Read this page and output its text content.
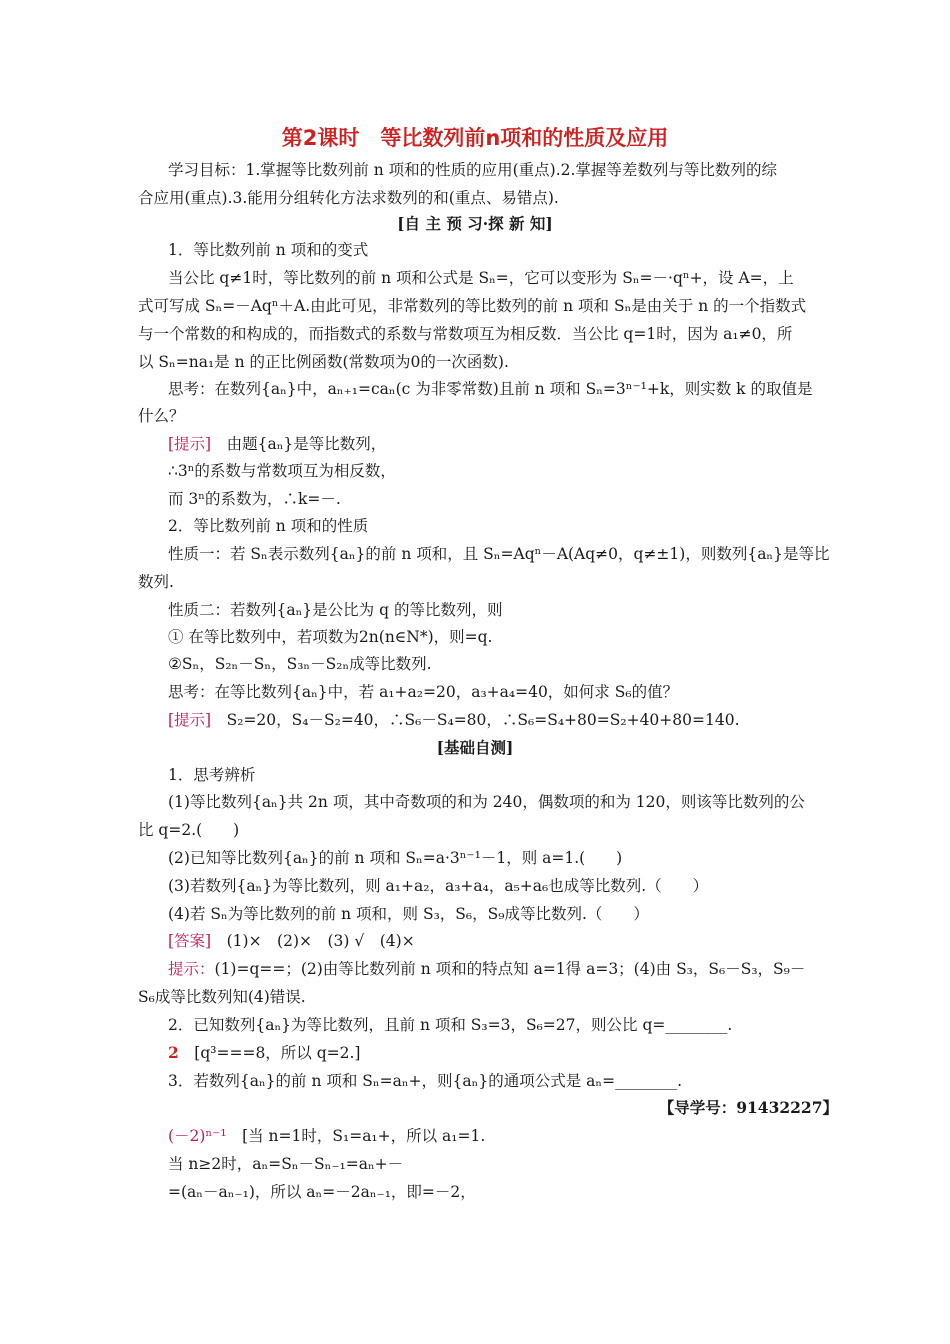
第2课时　等比数列前n项和的性质及应用
学习目标：1.掌握等比数列前 n 项和的性质的应用(重点).2.掌握等差数列与等比数列的综
合应用(重点).3.能用分组转化方法求数列的和(重点、易错点).
[自 主 预 习·探 新 知]
1．等比数列前 n 项和的变式
当公比 q≠1时，等比数列的前 n 项和公式是 Sₙ=，它可以变形为 Sₙ=－·qⁿ+，设 A=，上
式可写成 Sₙ=－Aqⁿ＋A.由此可见，非常数列的等比数列的前 n 项和 Sₙ是由关于 n 的一个指数式
与一个常数的和构成的，而指数式的系数与常数项互为相反数．当公比 q=1时，因为 a₁≠0，所
以 Sₙ=na₁是 n 的正比例函数(常数项为0的一次函数).
思考：在数列{aₙ}中，aₙ₊₁=caₙ(c 为非零常数)且前 n 项和 Sₙ=3ⁿ⁻¹+k，则实数 k 的取值是
什么？
[提示]　由题{aₙ}是等比数列，
∴3ⁿ的系数与常数项互为相反数，
而 3ⁿ的系数为，∴k=－.
2．等比数列前 n 项和的性质
性质一：若 Sₙ表示数列{aₙ}的前 n 项和，且 Sₙ=Aqⁿ－A(Aq≠0，q≠±1)，则数列{aₙ}是等比
数列.
性质二：若数列{aₙ}是公比为 q 的等比数列，则
① 在等比数列中，若项数为2n(n∈N*)，则=q.
②Sₙ，S₂ₙ－Sₙ，S₃ₙ－S₂ₙ成等比数列.
思考：在等比数列{aₙ}中，若 a₁+a₂=20，a₃+a₄=40，如何求 S₆的值？
[提示]　S₂=20，S₄－S₂=40，∴S₆－S₄=80，∴S₆=S₄+80=S₂+40+80=140.
[基础自测]
1．思考辨析
(1)等比数列{aₙ}共 2n 项，其中奇数项的和为 240，偶数项的和为 120，则该等比数列的公
比 q=2.(　　)
(2)已知等比数列{aₙ}的前 n 项和 Sₙ=a·3ⁿ⁻¹－1，则 a=1.(　　)
(3)若数列{aₙ}为等比数列，则 a₁+a₂，a₃+a₄，a₅+a₆也成等比数列.（　　）
(4)若 Sₙ为等比数列的前 n 项和，则 S₃，S₆，S₉成等比数列.（　　）
[答案]　(1)×　(2)×　(3) √　(4)×
提示：(1)=q==；(2)由等比数列前 n 项和的特点知 a=1得 a=3；(4)由 S₃，S₆－S₃，S₉－
S₆成等比数列知(4)错误.
2．已知数列{aₙ}为等比数列，且前 n 项和 S₃=3，S₆=27，则公比 q=________.
2　[q³===8，所以 q=2.]
3．若数列{aₙ}的前 n 项和 Sₙ=aₙ+，则{aₙ}的通项公式是 aₙ=________.
【导学号：91432227】
(－2)ⁿ⁻¹　[当 n=1时，S₁=a₁+，所以 a₁=1.
当 n≥2时，aₙ=Sₙ－Sₙ₋₁=aₙ+－
=(aₙ－aₙ₋₁)，所以 aₙ=－2aₙ₋₁，即=－2，
